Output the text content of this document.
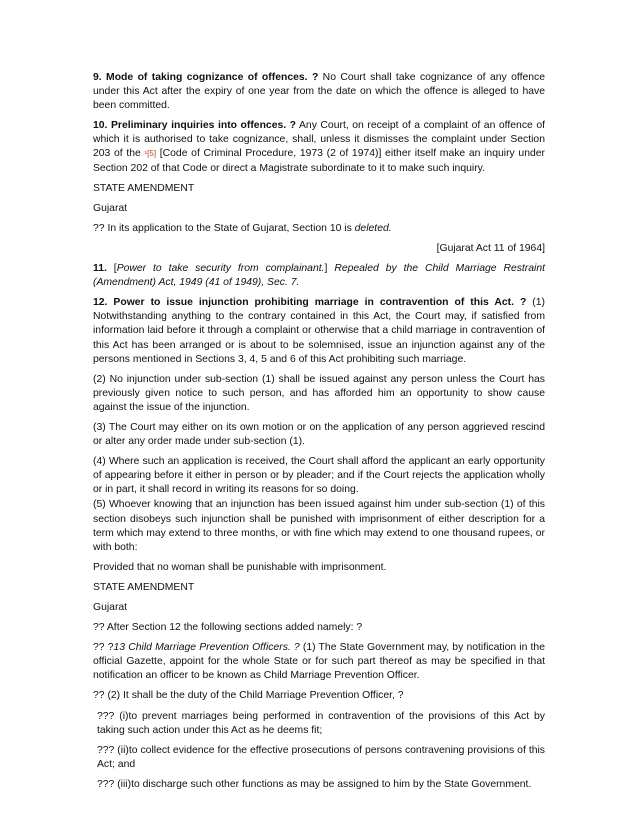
9. Mode of taking cognizance of offences. ? No Court shall take cognizance of any offence under this Act after the expiry of one year from the date on which the offence is alleged to have been committed.

10. Preliminary inquiries into offences. ? Any Court, on receipt of a complaint of an offence of which it is authorised to take cognizance, shall, unless it dismisses the complaint under Section 203 of the ¹[5] [Code of Criminal Procedure, 1973 (2 of 1974)] either itself make an inquiry under Section 202 of that Code or direct a Magistrate subordinate to it to make such inquiry.

STATE AMENDMENT

Gujarat

?? In its application to the State of Gujarat, Section 10 is deleted.

[Gujarat Act 11 of 1964]

11. [Power to take security from complainant.] Repealed by the Child Marriage Restraint (Amendment) Act, 1949 (41 of 1949), Sec. 7.

12. Power to issue injunction prohibiting marriage in contravention of this Act. ? (1) Notwithstanding anything to the contrary contained in this Act, the Court may, if satisfied from information laid before it through a complaint or otherwise that a child marriage in contravention of this Act has been arranged or is about to be solemnised, issue an injunction against any of the persons mentioned in Sections 3, 4, 5 and 6 of this Act prohibiting such marriage.

(2) No injunction under sub-section (1) shall be issued against any person unless the Court has previously given notice to such person, and has afforded him an opportunity to show cause against the issue of the injunction.

(3) The Court may either on its own motion or on the application of any person aggrieved rescind or alter any order made under sub-section (1).

(4) Where such an application is received, the Court shall afford the applicant an early opportunity of appearing before it either in person or by pleader; and if the Court rejects the application wholly or in part, it shall record in writing its reasons for so doing.

(5) Whoever knowing that an injunction has been issued against him under sub-section (1) of this section disobeys such injunction shall be punished with imprisonment of either description for a term which may extend to three months, or with fine which may extend to one thousand rupees, or with both:

Provided that no woman shall be punishable with imprisonment.

STATE AMENDMENT

Gujarat

?? After Section 12 the following sections added namely: ?

?? ?13 Child Marriage Prevention Officers. ? (1) The State Government may, by notification in the official Gazette, appoint for the whole State or for such part thereof as may be specified in that notification an officer to be known as Child Marriage Prevention Officer.

?? (2) It shall be the duty of the Child Marriage Prevention Officer, ?

??? (i)to prevent marriages being performed in contravention of the provisions of this Act by taking such action under this Act as he deems fit;

??? (ii)to collect evidence for the effective prosecutions of persons contravening provisions of this Act; and

??? (iii)to discharge such other functions as may be assigned to him by the State Government.
